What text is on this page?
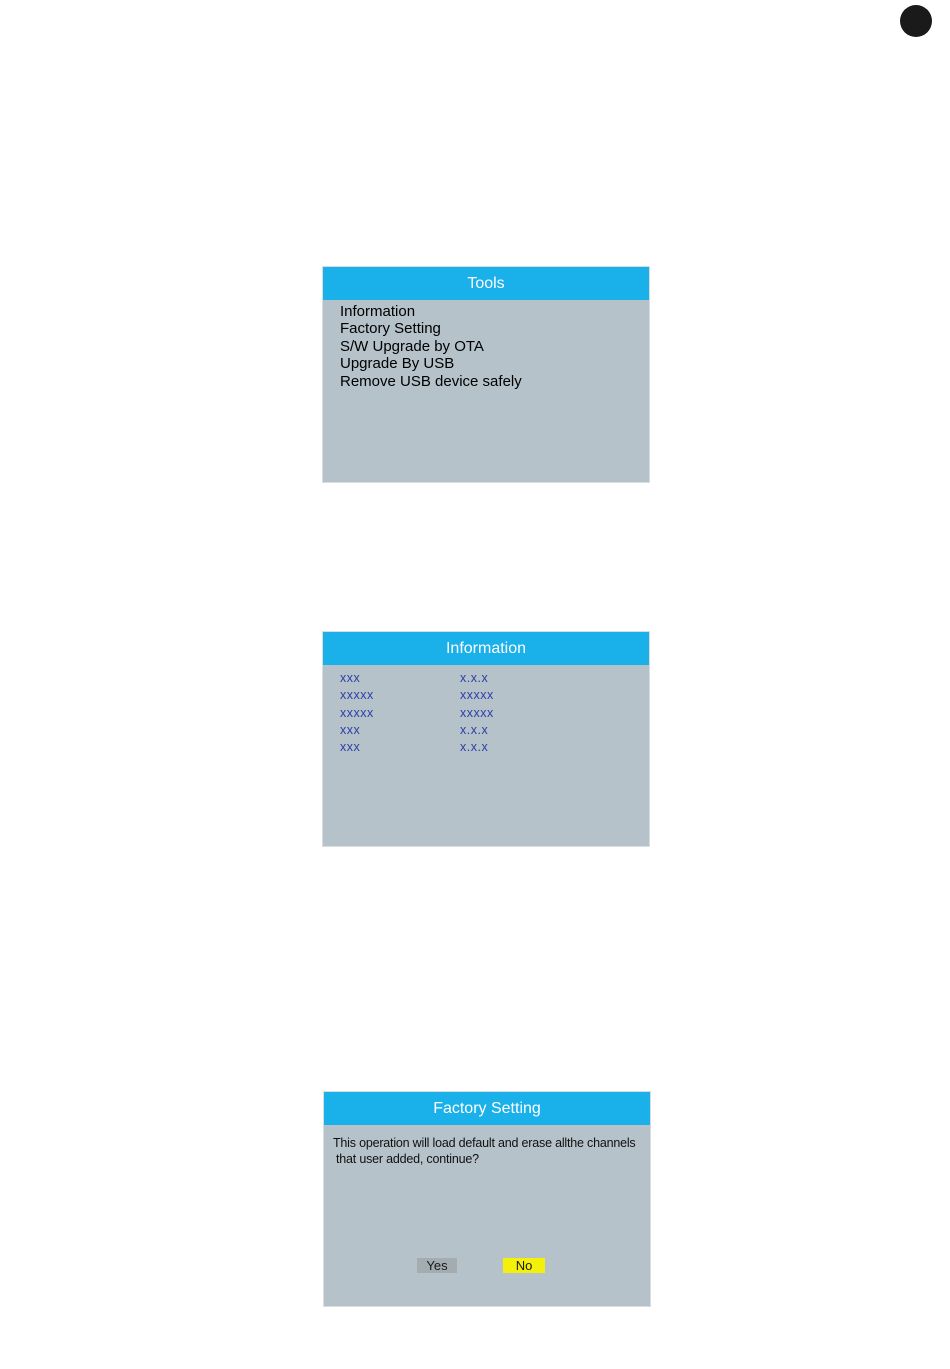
Tools
Information
Factory Setting
S/W Upgrade by OTA
Upgrade By USB
Remove USB device safely
Information
xxx	x.x.x
xxxxx	xxxxx
xxxxx	xxxxx
xxx	x.x.x
xxx	x.x.x
Factory Setting

This operation will load default and erase allthe channels
that user added, continue?

Yes	No
